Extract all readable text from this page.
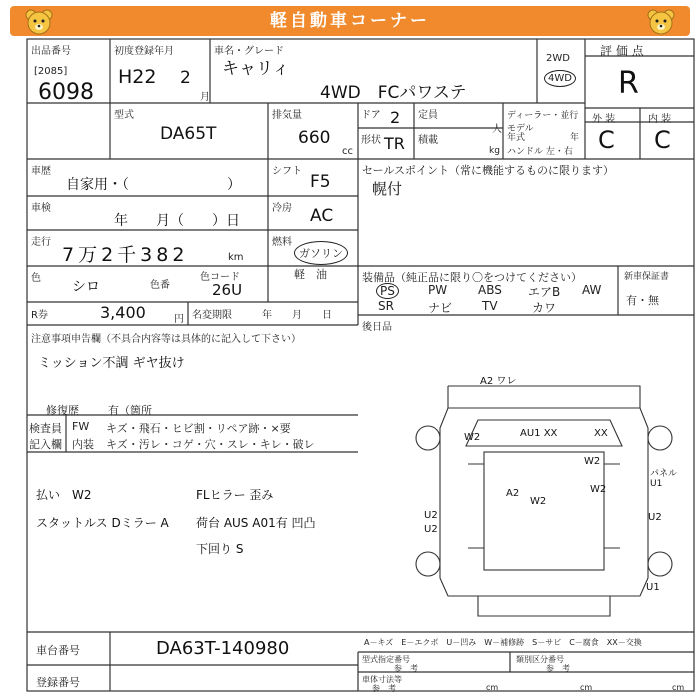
軽自動車コーナー
出品番号
[2085]
6098
初度登録年月
H22 2
月
車名・グレード
キャリィ
4WD　FCパワステ
2WD
4WD
評 価 点
R
外 装	内 装
C C
型式
DA65T
排気量
660
cc
ドア 2
形状 TR
定員
人
積載
kg
ディーラー・並行
モデル
年式	年
ハンドル 左・右
車歴
自家用・（　　　　　　　）
車検
年　　月（　　）日
走行
7万2千382	km
色
シロ	色番
色コード
26U
シフト
F5
冷房 AC
燃料
ガソリン
軽　油
R券	3,400	円 名変期限	年　　月　　日
セールスポイント（常に機能するものに限ります）
幌付
装備品（純正品に限り〇をつけてください）
PS	PW	ABS エアB AW
SR	ナビ TV	カワ
新車保証書
有・無
後日品
注意事項申告欄（不具合内容等は具体的に記入して下さい）
ミッション不調 ギヤ抜け
修復歴	有（箇所
検査員
記入欄
FW キズ・飛石・ヒビ割・リペア跡・×要
内装 キズ・汚レ・コゲ・穴・スレ・キレ・破レ
払い　W2	FLヒラー 歪み
スタットルス Dミラー A 荷台 AUS A01有 凹凸
下回り S
A2 ワレ
W2	AU1 XX	XX
W2
パネル U1
A2
W2
W2
U2
U2
U2
U1
車台番号	DA63T-140980
登録番号
A－キズ　E－エクボ　U－凹み　W－補修跡　S－サビ　C－腐食　XX－交換
型式指定番号
参　考
類別区分番号
参　考
車体寸法等
参　考	cm	cm	cm
